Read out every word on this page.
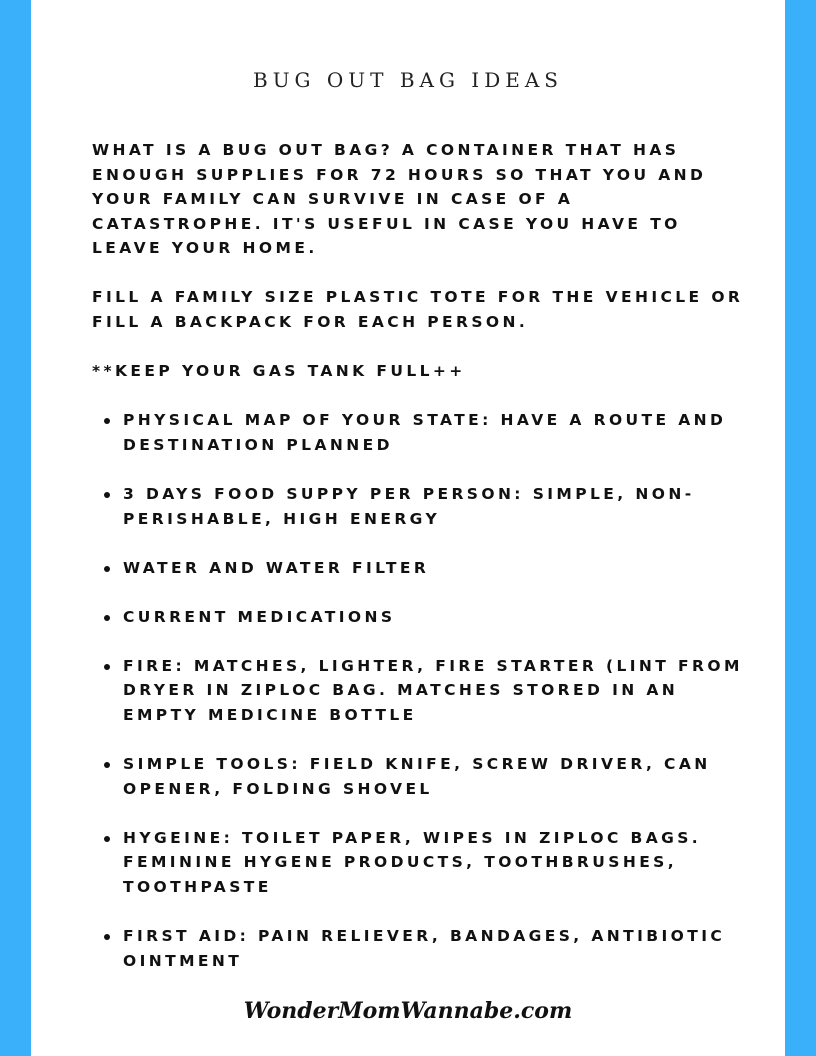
BUG OUT BAG IDEAS

WHAT IS A BUG OUT BAG? A CONTAINER THAT HAS ENOUGH SUPPLIES FOR 72 HOURS SO THAT YOU AND YOUR FAMILY CAN SURVIVE IN CASE OF A CATASTROPHE. IT'S USEFUL IN CASE YOU HAVE TO LEAVE YOUR HOME.

FILL A FAMILY SIZE PLASTIC TOTE FOR THE VEHICLE OR FILL A BACKPACK FOR EACH PERSON.

**KEEP YOUR GAS TANK FULL++

PHYSICAL MAP OF YOUR STATE: HAVE A ROUTE AND DESTINATION PLANNED
3 DAYS FOOD SUPPY PER PERSON: SIMPLE, NON-PERISHABLE, HIGH ENERGY
WATER AND WATER FILTER
CURRENT MEDICATIONS
FIRE: MATCHES, LIGHTER, FIRE STARTER (LINT FROM DRYER IN ZIPLOC BAG. MATCHES STORED IN AN EMPTY MEDICINE BOTTLE
SIMPLE TOOLS: FIELD KNIFE, SCREW DRIVER, CAN OPENER, FOLDING SHOVEL
HYGEINE: TOILET PAPER, WIPES IN ZIPLOC BAGS. FEMININE HYGENE PRODUCTS, TOOTHBRUSHES, TOOTHPASTE
FIRST AID: PAIN RELIEVER, BANDAGES, ANTIBIOTIC OINTMENT
WonderMomWannabe.com
